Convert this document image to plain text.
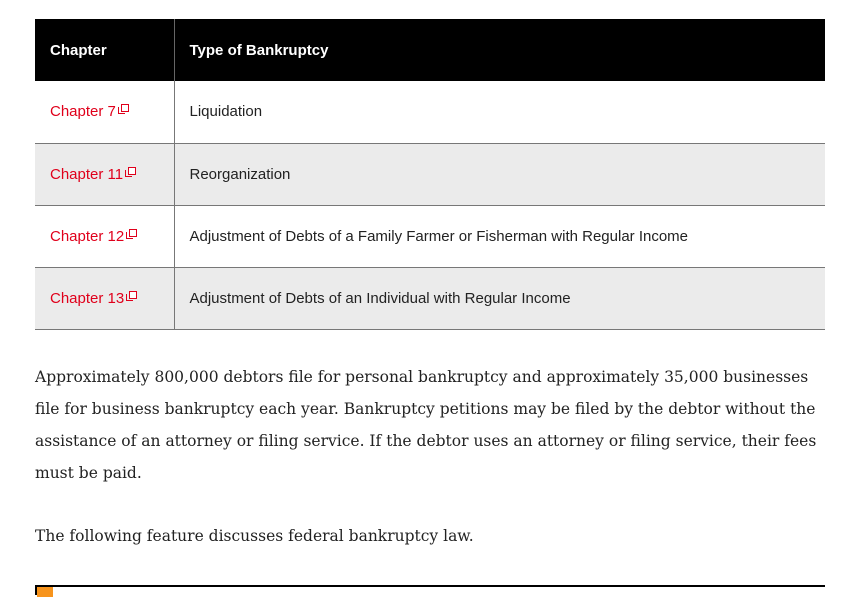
Chapter	Type of Bankruptcy
Chapter 7	Liquidation
Chapter 11	Reorganization
Chapter 12	Adjustment of Debts of a Family Farmer or Fisherman with Regular Income
Chapter 13	Adjustment of Debts of an Individual with Regular Income

Approximately 800,000 debtors file for personal bankruptcy and approximately 35,000 businesses file for business bankruptcy each year. Bankruptcy petitions may be filed by the debtor without the assistance of an attorney or filing service. If the debtor uses an attorney or filing service, their fees must be paid.

The following feature discusses federal bankruptcy law.
